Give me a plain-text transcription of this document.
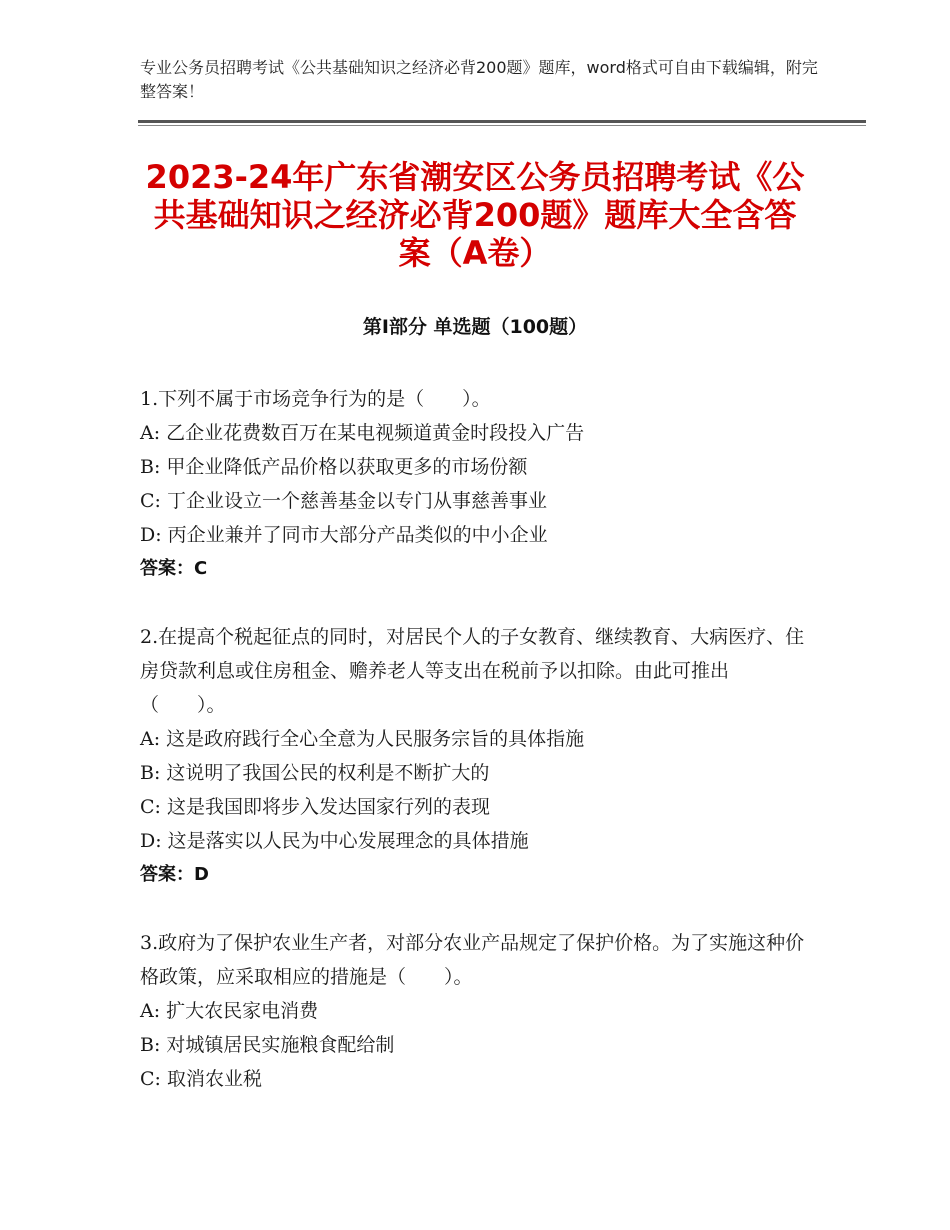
专业公务员招聘考试《公共基础知识之经济必背200题》题库，word格式可自由下载编辑，附完整答案！
2023-24年广东省潮安区公务员招聘考试《公共基础知识之经济必背200题》题库大全含答案（A卷）
第Ⅰ部分 单选题（100题）

1.下列不属于市场竞争行为的是（　　）。

A: 乙企业花费数百万在某电视频道黄金时段投入广告

B: 甲企业降低产品价格以获取更多的市场份额

C: 丁企业设立一个慈善基金以专门从事慈善事业

D: 丙企业兼并了同市大部分产品类似的中小企业

答案：C

2.在提高个税起征点的同时，对居民个人的子女教育、继续教育、大病医疗、住房贷款利息或住房租金、赡养老人等支出在税前予以扣除。由此可推出（　　）。

A: 这是政府践行全心全意为人民服务宗旨的具体指施

B: 这说明了我国公民的权利是不断扩大的

C: 这是我国即将步入发达国家行列的表现

D: 这是落实以人民为中心发展理念的具体措施

答案：D

3.政府为了保护农业生产者，对部分农业产品规定了保护价格。为了实施这种价格政策，应采取相应的措施是（　　）。

A: 扩大农民家电消费

B: 对城镇居民实施粮食配给制

C: 取消农业税
